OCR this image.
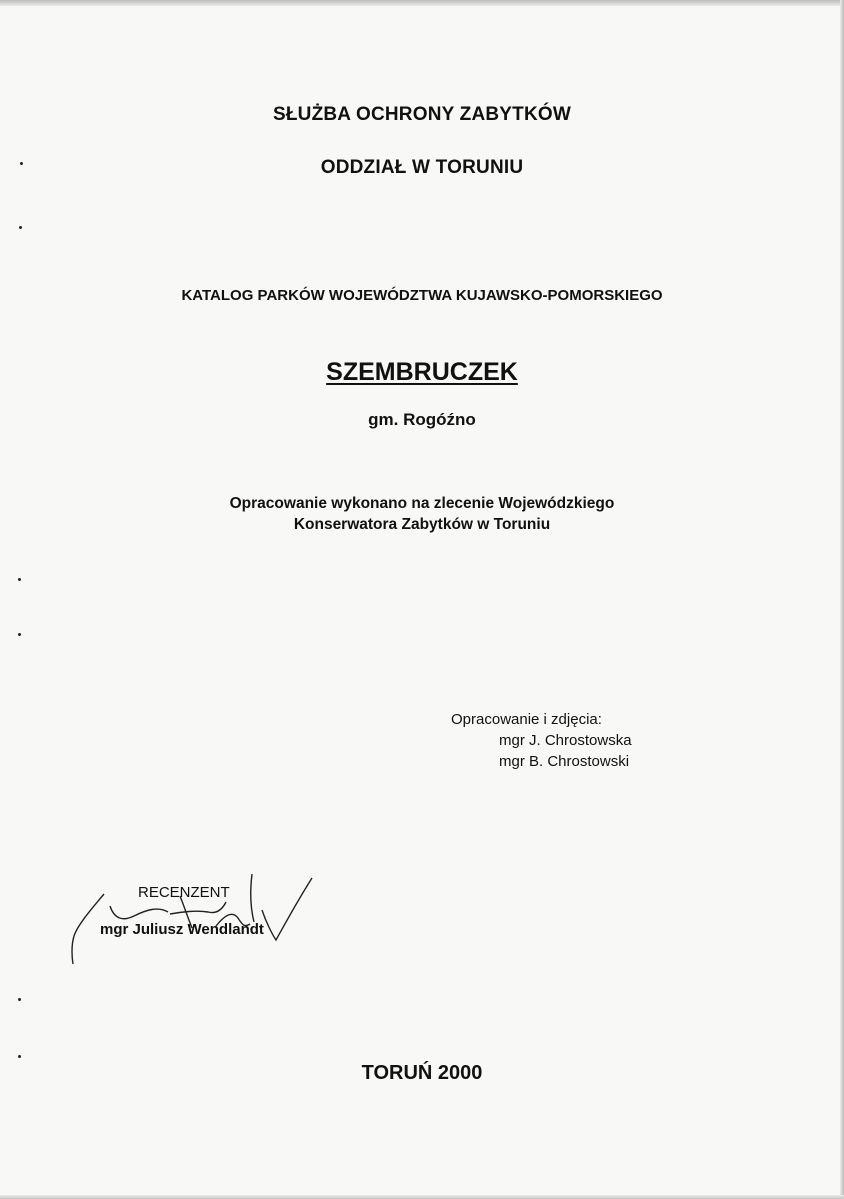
SŁUŻBA OCHRONY ZABYTKÓW
ODDZIAŁ W TORUNIU
KATALOG PARKÓW WOJEWÓDZTWA KUJAWSKO-POMORSKIEGO
SZEMBRUCZEK
gm. Rogóźno
Opracowanie wykonano na zlecenie Wojewódzkiego
Konserwatora Zabytków w Toruniu
Opracowanie i zdjęcia:
mgr J. Chrostowska
mgr B. Chrostowski
RECENZENT
mgr Juliusz Wendlandt
TORUŃ 2000
